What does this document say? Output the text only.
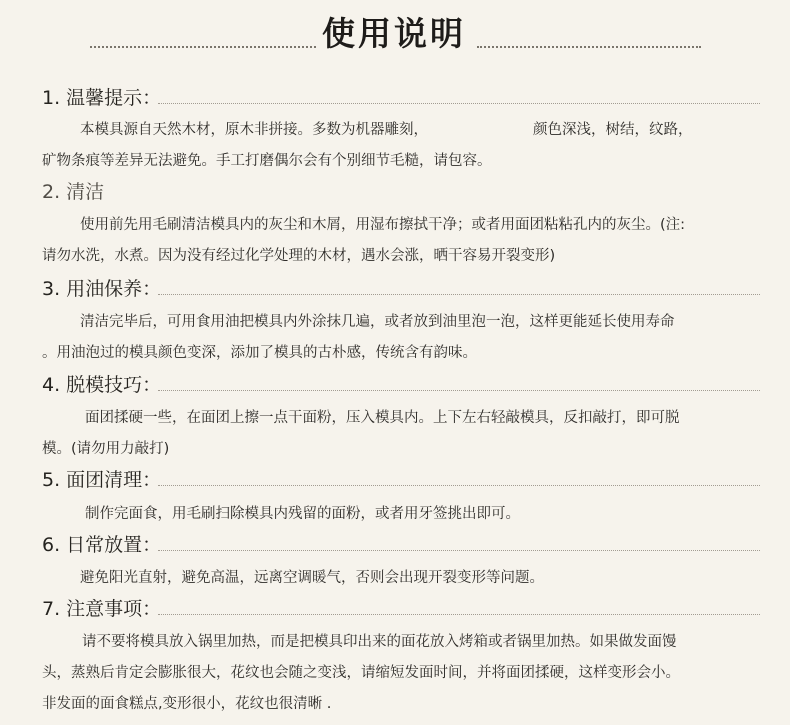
使用说明
1. 温馨提示：
本模具源自天然木材，原木非拼接。多数为机器雕刻，	颜色深浅，树结，纹路，
矿物条痕等差异无法避免。手工打磨偶尔会有个别细节毛糙，请包容。
2. 清洁
使用前先用毛刷清洁模具内的灰尘和木屑，用湿布擦拭干净；或者用面团粘粘孔内的灰尘。(注:
请勿水洗，水煮。因为没有经过化学处理的木材，遇水会涨，晒干容易开裂变形)
3. 用油保养：
清洁完毕后，可用食用油把模具内外涂抹几遍，或者放到油里泡一泡，这样更能延长使用寿命
。用油泡过的模具颜色变深，添加了模具的古朴感，传统含有韵味。
4. 脱模技巧：
面团揉硬一些，在面团上擦一点干面粉，压入模具内。上下左右轻敲模具，反扣敲打，即可脱
模。(请勿用力敲打)
5. 面团清理：
制作完面食，用毛刷扫除模具内残留的面粉，或者用牙签挑出即可。
6. 日常放置：
避免阳光直射，避免高温，远离空调暖气，否则会出现开裂变形等问题。
7. 注意事项：
请不要将模具放入锅里加热，而是把模具印出来的面花放入烤箱或者锅里加热。如果做发面馒
头，蒸熟后肯定会膨胀很大，花纹也会随之变浅，请缩短发面时间，并将面团揉硬，这样变形会小。
非发面的面食糕点,变形很小，花纹也很清晰 .
